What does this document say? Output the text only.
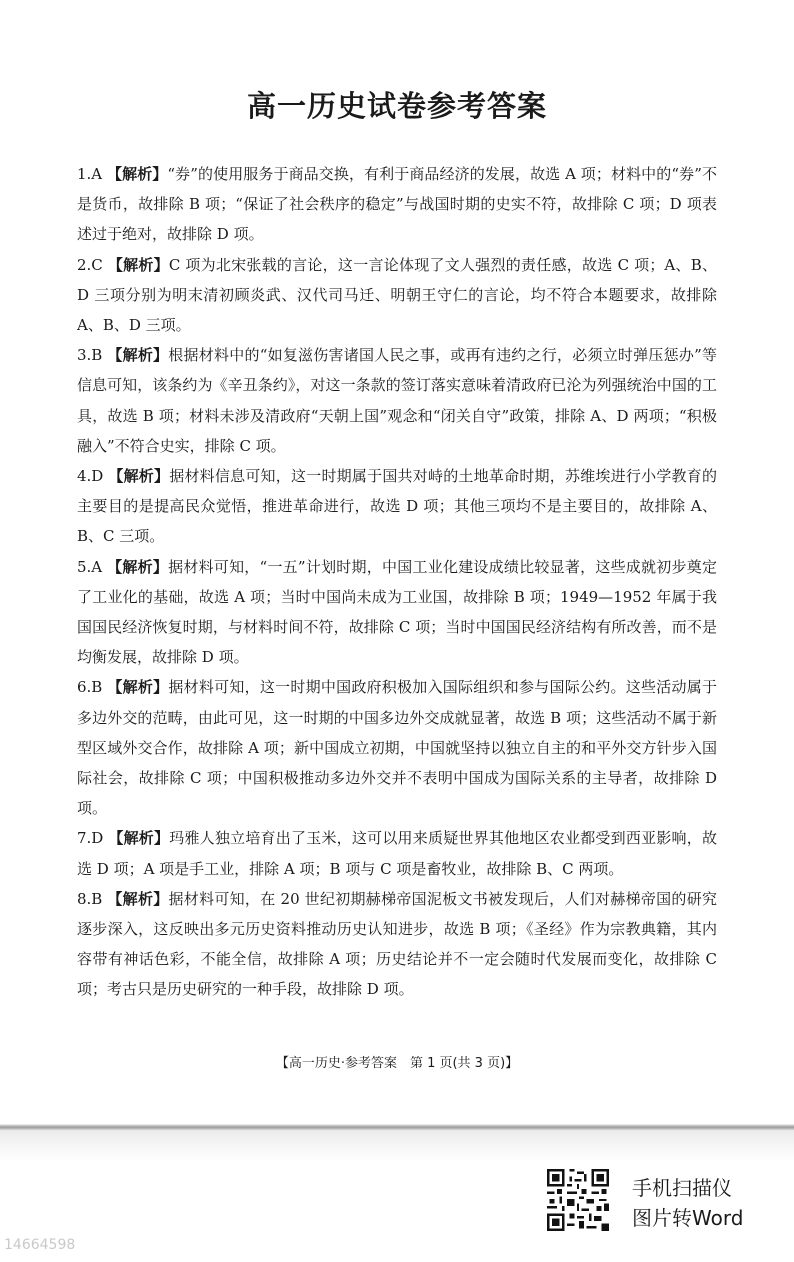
高一历史试卷参考答案
1.A 【解析】“券”的使用服务于商品交换，有利于商品经济的发展，故选 A 项；材料中的“券”不是货币，故排除 B 项；“保证了社会秩序的稳定”与战国时期的史实不符，故排除 C 项；D 项表述过于绝对，故排除 D 项。
2.C 【解析】C 项为北宋张载的言论，这一言论体现了文人强烈的责任感，故选 C 项；A、B、D 三项分别为明末清初顾炎武、汉代司马迁、明朝王守仁的言论，均不符合本题要求，故排除 A、B、D 三项。
3.B 【解析】根据材料中的“如复滋伤害诸国人民之事，或再有违约之行，必须立时弹压惩办”等信息可知，该条约为《辛丑条约》，对这一条款的签订落实意味着清政府已沦为列强统治中国的工具，故选 B 项；材料未涉及清政府“天朝上国”观念和“闭关自守”政策，排除 A、D 两项；“积极融入”不符合史实，排除 C 项。
4.D 【解析】据材料信息可知，这一时期属于国共对峙的土地革命时期，苏维埃进行小学教育的主要目的是提高民众觉悟，推进革命进行，故选 D 项；其他三项均不是主要目的，故排除 A、B、C 三项。
5.A 【解析】据材料可知，“一五”计划时期，中国工业化建设成绩比较显著，这些成就初步奠定了工业化的基础，故选 A 项；当时中国尚未成为工业国，故排除 B 项；1949—1952 年属于我国国民经济恢复时期，与材料时间不符，故排除 C 项；当时中国国民经济结构有所改善，而不是均衡发展，故排除 D 项。
6.B 【解析】据材料可知，这一时期中国政府积极加入国际组织和参与国际公约。这些活动属于多边外交的范畴，由此可见，这一时期的中国多边外交成就显著，故选 B 项；这些活动不属于新型区域外交合作，故排除 A 项；新中国成立初期，中国就坚持以独立自主的和平外交方针步入国际社会，故排除 C 项；中国积极推动多边外交并不表明中国成为国际关系的主导者，故排除 D 项。
7.D 【解析】玛雅人独立培育出了玉米，这可以用来质疑世界其他地区农业都受到西亚影响，故选 D 项；A 项是手工业，排除 A 项；B 项与 C 项是畜牧业，故排除 B、C 两项。
8.B 【解析】据材料可知，在 20 世纪初期赫梯帝国泥板文书被发现后，人们对赫梯帝国的研究逐步深入，这反映出多元历史资料推动历史认知进步，故选 B 项；《圣经》作为宗教典籍，其内容带有神话色彩，不能全信，故排除 A 项；历史结论并不一定会随时代发展而变化，故排除 C 项；考古只是历史研究的一种手段，故排除 D 项。
【高一历史·参考答案　第 1 页(共 3 页)】
手机扫描仪
图片转Word
14664598
